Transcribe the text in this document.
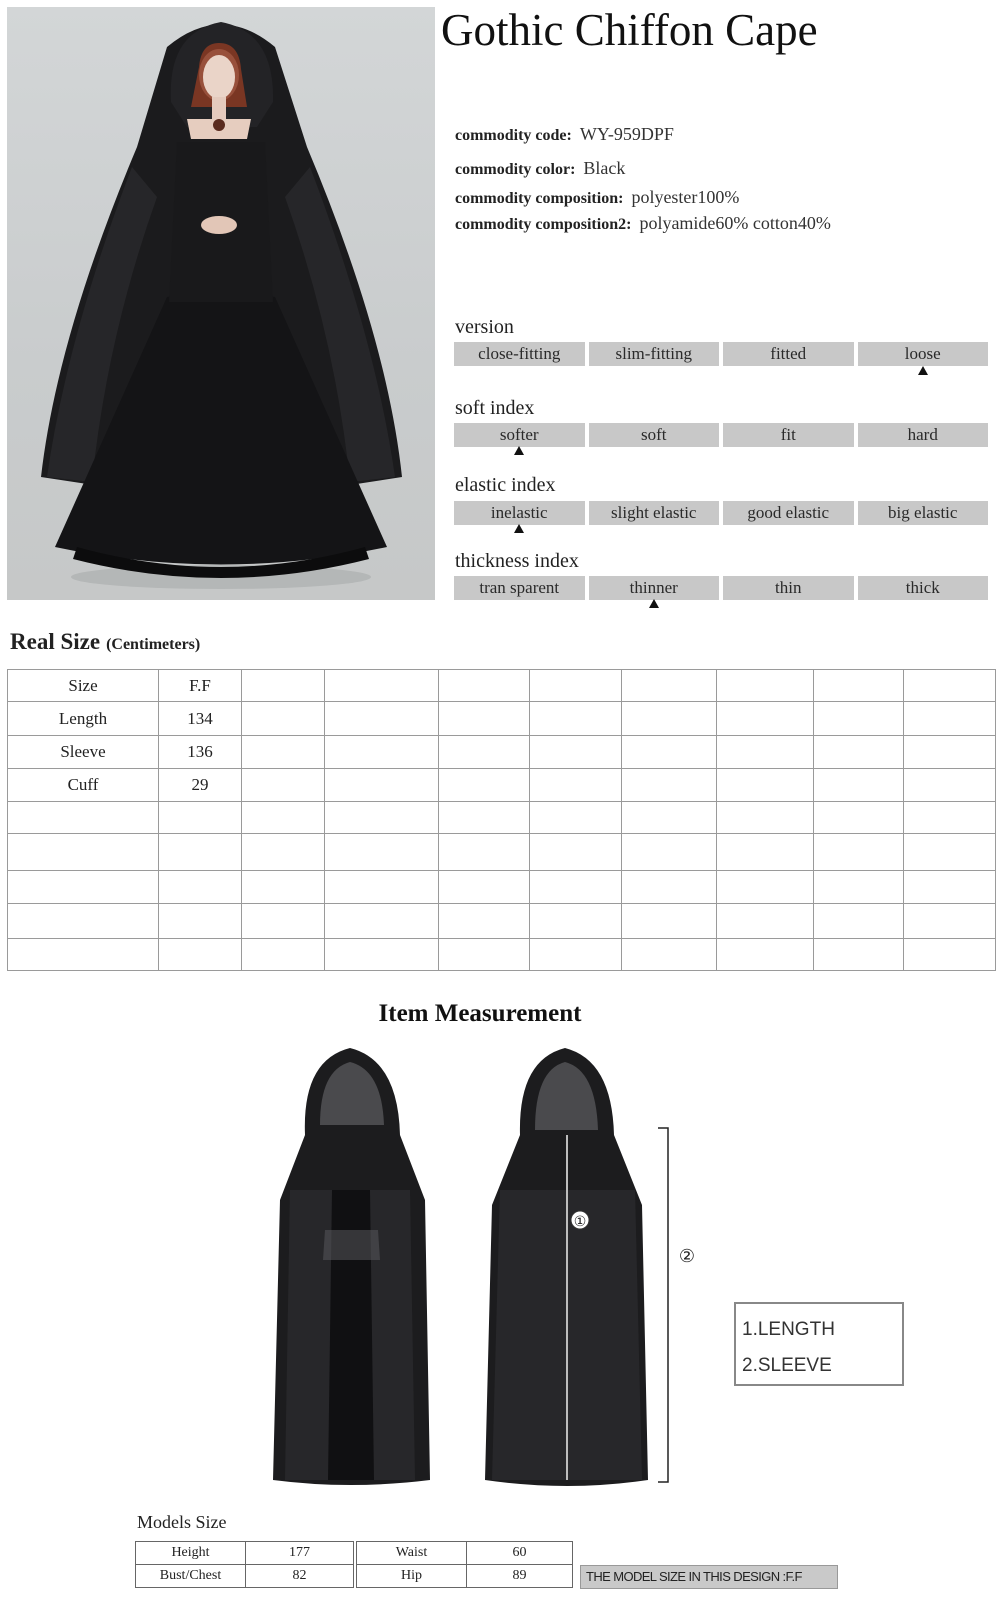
Gothic Chiffon Cape
commodity code: WY-959DPF
commodity color: Black
commodity composition: polyester100%
commodity composition2: polyamide60% cotton40%
version
close-fitting	slim-fitting	fitted	loose
soft index
softer	soft	fit	hard
elastic index
inelastic	slight elastic	good elastic	big elastic
thickness index
tran sparent	thinner	thin	thick
Real Size (Centimeters)
Size	F.F								
Length	134								
Sleeve	136								
Cuff	29								

Item Measurement
①
②
1.LENGTH
2.SLEEVE
Models Size
Height	177
Bust/Chest	82
Waist	60
Hip	89	THE MODEL SIZE IN THIS DESIGN :F.F
